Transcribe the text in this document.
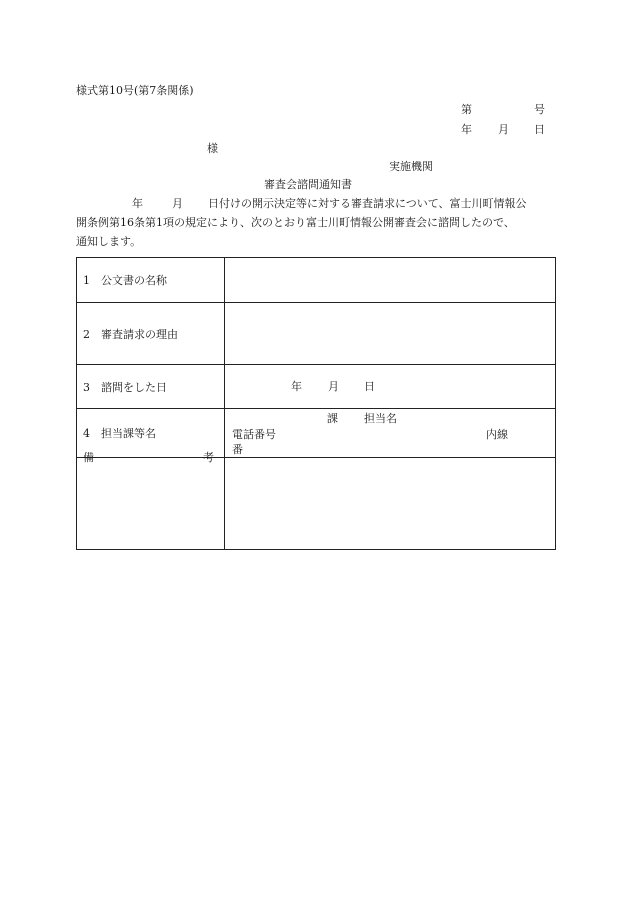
様式第10号(第7条関係)
第	号
年 月 日
様
実施機関
審査会諮問通知書
年	月 日付けの開示決定等に対する審査請求について、富士川町情報公
開条例第16条第1項の規定により、次のとおり富士川町情報公開審査会に諮問したので、
通知します。
1　公文書の名称	
2　審査請求の理由	
3　諮問をした日	年 月 日

4　担当課等名	課 担当名
電話番号 内線
番

備 考	
